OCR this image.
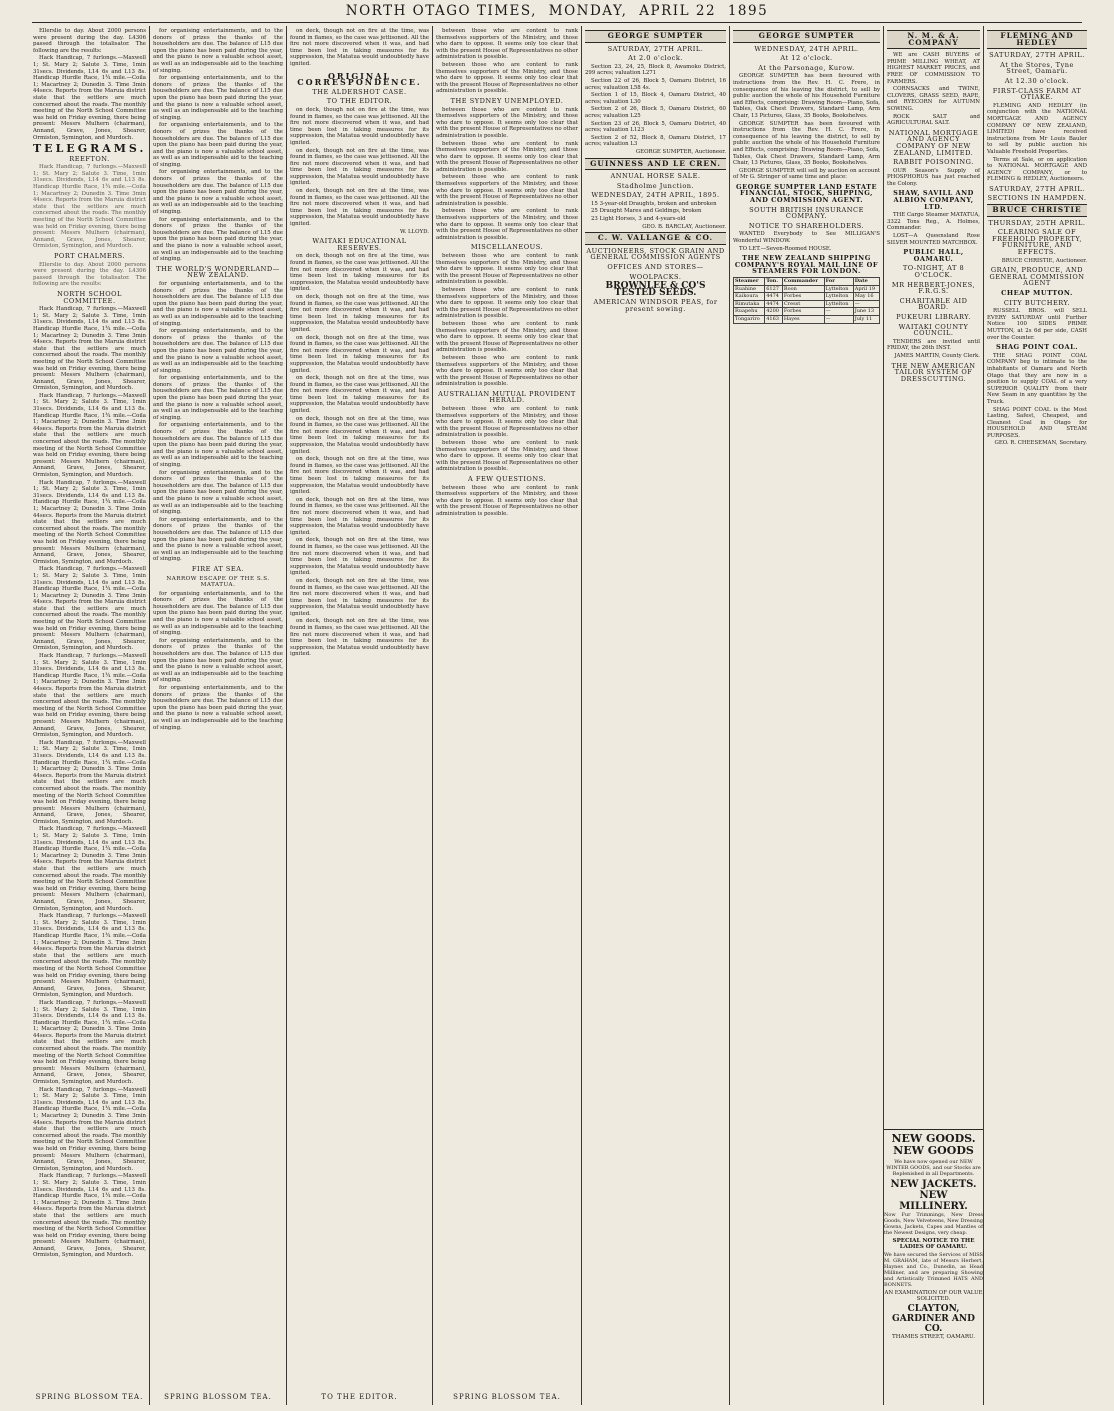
NORTH OTAGO TIMES, MONDAY, APRIL 22 1895

Ellerslie to day. About 2000 persons were present during the day. L4306 passed through the totalisator. The following are the results:

Hack Handicap, 7 furlongs.—Maxwell 1; St. Mary 2; Salute 3. Time, 1min 31secs. Dividends, L14 6s and L13 8s. Handicap Hurdle Race, 1¾ mile.—Coila 1; Macartney 2; Dunedin 3. Time 3min 44secs. Reports from the Maruia district state that the settlers are much concerned about the roads. The monthly meeting of the North School Committee was held on Friday evening, there being present: Messrs Mulhern (chairman), Annand, Grave, Jones, Shearer, Ormiston, Symington, and Murdoch.

TELEGRAMS.
REEFTON.

Hack Handicap, 7 furlongs.—Maxwell 1; St. Mary 2; Salute 3. Time, 1min 31secs. Dividends, L14 6s and L13 8s. Handicap Hurdle Race, 1¾ mile.—Coila 1; Macartney 2; Dunedin 3. Time 3min 44secs. Reports from the Maruia district state that the settlers are much concerned about the roads. The monthly meeting of the North School Committee was held on Friday evening, there being present: Messrs Mulhern (chairman), Annand, Grave, Jones, Shearer, Ormiston, Symington, and Murdoch.

PORT CHALMERS.

Ellerslie to day. About 2000 persons were present during the day. L4306 passed through the totalisator. The following are the results:

NORTH SCHOOL COMMITTEE.

Hack Handicap, 7 furlongs.—Maxwell 1; St. Mary 2; Salute 3. Time, 1min 31secs. Dividends, L14 6s and L13 8s. Handicap Hurdle Race, 1¾ mile.—Coila 1; Macartney 2; Dunedin 3. Time 3min 44secs. Reports from the Maruia district state that the settlers are much concerned about the roads. The monthly meeting of the North School Committee was held on Friday evening, there being present: Messrs Mulhern (chairman), Annand, Grave, Jones, Shearer, Ormiston, Symington, and Murdoch.

Hack Handicap, 7 furlongs.—Maxwell 1; St. Mary 2; Salute 3. Time, 1min 31secs. Dividends, L14 6s and L13 8s. Handicap Hurdle Race, 1¾ mile.—Coila 1; Macartney 2; Dunedin 3. Time 3min 44secs. Reports from the Maruia district state that the settlers are much concerned about the roads. The monthly meeting of the North School Committee was held on Friday evening, there being present: Messrs Mulhern (chairman), Annand, Grave, Jones, Shearer, Ormiston, Symington, and Murdoch.

Hack Handicap, 7 furlongs.—Maxwell 1; St. Mary 2; Salute 3. Time, 1min 31secs. Dividends, L14 6s and L13 8s. Handicap Hurdle Race, 1¾ mile.—Coila 1; Macartney 2; Dunedin 3. Time 3min 44secs. Reports from the Maruia district state that the settlers are much concerned about the roads. The monthly meeting of the North School Committee was held on Friday evening, there being present: Messrs Mulhern (chairman), Annand, Grave, Jones, Shearer, Ormiston, Symington, and Murdoch.

Hack Handicap, 7 furlongs.—Maxwell 1; St. Mary 2; Salute 3. Time, 1min 31secs. Dividends, L14 6s and L13 8s. Handicap Hurdle Race, 1¾ mile.—Coila 1; Macartney 2; Dunedin 3. Time 3min 44secs. Reports from the Maruia district state that the settlers are much concerned about the roads. The monthly meeting of the North School Committee was held on Friday evening, there being present: Messrs Mulhern (chairman), Annand, Grave, Jones, Shearer, Ormiston, Symington, and Murdoch.

Hack Handicap, 7 furlongs.—Maxwell 1; St. Mary 2; Salute 3. Time, 1min 31secs. Dividends, L14 6s and L13 8s. Handicap Hurdle Race, 1¾ mile.—Coila 1; Macartney 2; Dunedin 3. Time 3min 44secs. Reports from the Maruia district state that the settlers are much concerned about the roads. The monthly meeting of the North School Committee was held on Friday evening, there being present: Messrs Mulhern (chairman), Annand, Grave, Jones, Shearer, Ormiston, Symington, and Murdoch.

Hack Handicap, 7 furlongs.—Maxwell 1; St. Mary 2; Salute 3. Time, 1min 31secs. Dividends, L14 6s and L13 8s. Handicap Hurdle Race, 1¾ mile.—Coila 1; Macartney 2; Dunedin 3. Time 3min 44secs. Reports from the Maruia district state that the settlers are much concerned about the roads. The monthly meeting of the North School Committee was held on Friday evening, there being present: Messrs Mulhern (chairman), Annand, Grave, Jones, Shearer, Ormiston, Symington, and Murdoch.

Hack Handicap, 7 furlongs.—Maxwell 1; St. Mary 2; Salute 3. Time, 1min 31secs. Dividends, L14 6s and L13 8s. Handicap Hurdle Race, 1¾ mile.—Coila 1; Macartney 2; Dunedin 3. Time 3min 44secs. Reports from the Maruia district state that the settlers are much concerned about the roads. The monthly meeting of the North School Committee was held on Friday evening, there being present: Messrs Mulhern (chairman), Annand, Grave, Jones, Shearer, Ormiston, Symington, and Murdoch.

Hack Handicap, 7 furlongs.—Maxwell 1; St. Mary 2; Salute 3. Time, 1min 31secs. Dividends, L14 6s and L13 8s. Handicap Hurdle Race, 1¾ mile.—Coila 1; Macartney 2; Dunedin 3. Time 3min 44secs. Reports from the Maruia district state that the settlers are much concerned about the roads. The monthly meeting of the North School Committee was held on Friday evening, there being present: Messrs Mulhern (chairman), Annand, Grave, Jones, Shearer, Ormiston, Symington, and Murdoch.

Hack Handicap, 7 furlongs.—Maxwell 1; St. Mary 2; Salute 3. Time, 1min 31secs. Dividends, L14 6s and L13 8s. Handicap Hurdle Race, 1¾ mile.—Coila 1; Macartney 2; Dunedin 3. Time 3min 44secs. Reports from the Maruia district state that the settlers are much concerned about the roads. The monthly meeting of the North School Committee was held on Friday evening, there being present: Messrs Mulhern (chairman), Annand, Grave, Jones, Shearer, Ormiston, Symington, and Murdoch.

Hack Handicap, 7 furlongs.—Maxwell 1; St. Mary 2; Salute 3. Time, 1min 31secs. Dividends, L14 6s and L13 8s. Handicap Hurdle Race, 1¾ mile.—Coila 1; Macartney 2; Dunedin 3. Time 3min 44secs. Reports from the Maruia district state that the settlers are much concerned about the roads. The monthly meeting of the North School Committee was held on Friday evening, there being present: Messrs Mulhern (chairman), Annand, Grave, Jones, Shearer, Ormiston, Symington, and Murdoch.

Hack Handicap, 7 furlongs.—Maxwell 1; St. Mary 2; Salute 3. Time, 1min 31secs. Dividends, L14 6s and L13 8s. Handicap Hurdle Race, 1¾ mile.—Coila 1; Macartney 2; Dunedin 3. Time 3min 44secs. Reports from the Maruia district state that the settlers are much concerned about the roads. The monthly meeting of the North School Committee was held on Friday evening, there being present: Messrs Mulhern (chairman), Annand, Grave, Jones, Shearer, Ormiston, Symington, and Murdoch.

SPRING BLOSSOM TEA.

for organising entertainments, and to the donors of prizes the thanks of the householders are due. The balance of L15 due upon the piano has been paid during the year, and the piano is now a valuable school asset, as well as an indispensable aid to the teaching of singing.

for organising entertainments, and to the donors of prizes the thanks of the householders are due. The balance of L15 due upon the piano has been paid during the year, and the piano is now a valuable school asset, as well as an indispensable aid to the teaching of singing.

for organising entertainments, and to the donors of prizes the thanks of the householders are due. The balance of L15 due upon the piano has been paid during the year, and the piano is now a valuable school asset, as well as an indispensable aid to the teaching of singing.

for organising entertainments, and to the donors of prizes the thanks of the householders are due. The balance of L15 due upon the piano has been paid during the year, and the piano is now a valuable school asset, as well as an indispensable aid to the teaching of singing.

for organising entertainments, and to the donors of prizes the thanks of the householders are due. The balance of L15 due upon the piano has been paid during the year, and the piano is now a valuable school asset, as well as an indispensable aid to the teaching of singing.

THE WORLD'S WONDERLAND—NEW ZEALAND.

for organising entertainments, and to the donors of prizes the thanks of the householders are due. The balance of L15 due upon the piano has been paid during the year, and the piano is now a valuable school asset, as well as an indispensable aid to the teaching of singing.

for organising entertainments, and to the donors of prizes the thanks of the householders are due. The balance of L15 due upon the piano has been paid during the year, and the piano is now a valuable school asset, as well as an indispensable aid to the teaching of singing.

for organising entertainments, and to the donors of prizes the thanks of the householders are due. The balance of L15 due upon the piano has been paid during the year, and the piano is now a valuable school asset, as well as an indispensable aid to the teaching of singing.

for organising entertainments, and to the donors of prizes the thanks of the householders are due. The balance of L15 due upon the piano has been paid during the year, and the piano is now a valuable school asset, as well as an indispensable aid to the teaching of singing.

for organising entertainments, and to the donors of prizes the thanks of the householders are due. The balance of L15 due upon the piano has been paid during the year, and the piano is now a valuable school asset, as well as an indispensable aid to the teaching of singing.

for organising entertainments, and to the donors of prizes the thanks of the householders are due. The balance of L15 due upon the piano has been paid during the year, and the piano is now a valuable school asset, as well as an indispensable aid to the teaching of singing.

FIRE AT SEA.
NARROW ESCAPE OF THE S.S. MATATUA.

for organising entertainments, and to the donors of prizes the thanks of the householders are due. The balance of L15 due upon the piano has been paid during the year, and the piano is now a valuable school asset, as well as an indispensable aid to the teaching of singing.

for organising entertainments, and to the donors of prizes the thanks of the householders are due. The balance of L15 due upon the piano has been paid during the year, and the piano is now a valuable school asset, as well as an indispensable aid to the teaching of singing.

for organising entertainments, and to the donors of prizes the thanks of the householders are due. The balance of L15 due upon the piano has been paid during the year, and the piano is now a valuable school asset, as well as an indispensable aid to the teaching of singing.

SPRING BLOSSOM TEA.

on deck, though not on fire at the time, was found in flames, so the case was jettisoned. All the fire not more discovered when it was, and had time been lost in taking measures for its suppression, the Matatua would undoubtedly have ignited.

ORIGINAL CORRESPONDENCE.
THE ALDERSHOT CASE.
TO THE EDITOR.

on deck, though not on fire at the time, was found in flames, so the case was jettisoned. All the fire not more discovered when it was, and had time been lost in taking measures for its suppression, the Matatua would undoubtedly have ignited.

on deck, though not on fire at the time, was found in flames, so the case was jettisoned. All the fire not more discovered when it was, and had time been lost in taking measures for its suppression, the Matatua would undoubtedly have ignited.

on deck, though not on fire at the time, was found in flames, so the case was jettisoned. All the fire not more discovered when it was, and had time been lost in taking measures for its suppression, the Matatua would undoubtedly have ignited.

W. LLOYD.
WAITAKI EDUCATIONAL RESERVES.

on deck, though not on fire at the time, was found in flames, so the case was jettisoned. All the fire not more discovered when it was, and had time been lost in taking measures for its suppression, the Matatua would undoubtedly have ignited.

on deck, though not on fire at the time, was found in flames, so the case was jettisoned. All the fire not more discovered when it was, and had time been lost in taking measures for its suppression, the Matatua would undoubtedly have ignited.

on deck, though not on fire at the time, was found in flames, so the case was jettisoned. All the fire not more discovered when it was, and had time been lost in taking measures for its suppression, the Matatua would undoubtedly have ignited.

on deck, though not on fire at the time, was found in flames, so the case was jettisoned. All the fire not more discovered when it was, and had time been lost in taking measures for its suppression, the Matatua would undoubtedly have ignited.

on deck, though not on fire at the time, was found in flames, so the case was jettisoned. All the fire not more discovered when it was, and had time been lost in taking measures for its suppression, the Matatua would undoubtedly have ignited.

on deck, though not on fire at the time, was found in flames, so the case was jettisoned. All the fire not more discovered when it was, and had time been lost in taking measures for its suppression, the Matatua would undoubtedly have ignited.

on deck, though not on fire at the time, was found in flames, so the case was jettisoned. All the fire not more discovered when it was, and had time been lost in taking measures for its suppression, the Matatua would undoubtedly have ignited.

on deck, though not on fire at the time, was found in flames, so the case was jettisoned. All the fire not more discovered when it was, and had time been lost in taking measures for its suppression, the Matatua would undoubtedly have ignited.

on deck, though not on fire at the time, was found in flames, so the case was jettisoned. All the fire not more discovered when it was, and had time been lost in taking measures for its suppression, the Matatua would undoubtedly have ignited.

on deck, though not on fire at the time, was found in flames, so the case was jettisoned. All the fire not more discovered when it was, and had time been lost in taking measures for its suppression, the Matatua would undoubtedly have ignited.

TO THE EDITOR.

between those who are content to rank themselves supporters of the Ministry, and those who dare to oppose. It seems only too clear that with the present House of Representatives no other administration is possible.

between those who are content to rank themselves supporters of the Ministry, and those who dare to oppose. It seems only too clear that with the present House of Representatives no other administration is possible.

THE SYDNEY UNEMPLOYED.

between those who are content to rank themselves supporters of the Ministry, and those who dare to oppose. It seems only too clear that with the present House of Representatives no other administration is possible.

between those who are content to rank themselves supporters of the Ministry, and those who dare to oppose. It seems only too clear that with the present House of Representatives no other administration is possible.

between those who are content to rank themselves supporters of the Ministry, and those who dare to oppose. It seems only too clear that with the present House of Representatives no other administration is possible.

between those who are content to rank themselves supporters of the Ministry, and those who dare to oppose. It seems only too clear that with the present House of Representatives no other administration is possible.

MISCELLANEOUS.

between those who are content to rank themselves supporters of the Ministry, and those who dare to oppose. It seems only too clear that with the present House of Representatives no other administration is possible.

between those who are content to rank themselves supporters of the Ministry, and those who dare to oppose. It seems only too clear that with the present House of Representatives no other administration is possible.

between those who are content to rank themselves supporters of the Ministry, and those who dare to oppose. It seems only too clear that with the present House of Representatives no other administration is possible.

between those who are content to rank themselves supporters of the Ministry, and those who dare to oppose. It seems only too clear that with the present House of Representatives no other administration is possible.

AUSTRALIAN MUTUAL PROVIDENT HERALD.

between those who are content to rank themselves supporters of the Ministry, and those who dare to oppose. It seems only too clear that with the present House of Representatives no other administration is possible.

between those who are content to rank themselves supporters of the Ministry, and those who dare to oppose. It seems only too clear that with the present House of Representatives no other administration is possible.

A FEW QUESTIONS.

between those who are content to rank themselves supporters of the Ministry, and those who dare to oppose. It seems only too clear that with the present House of Representatives no other administration is possible.

SPRING BLOSSOM TEA.
GEORGE SUMPTER
SATURDAY, 27TH APRIL.
At 2.0 o'clock.

Section 23, 24, 25, Block 8, Awamoko District, 299 acres; valuation L271

Section 22 of 26, Block 5, Oamaru District, 16 acres; valuation L58 4s.

Section 1 of 15, Block 4, Oamaru District, 40 acres; valuation L30

Section 2 of 26, Block 5, Oamaru District, 60 acres; valuation L25

Section 23 of 26, Block 5, Oamaru District, 40 acres; valuation L123

Section 2 of 52, Block 8, Oamaru District, 17 acres; valuation L3

GEORGE SUMPTER, Auctioneer.
GUINNESS AND LE CREN.
ANNUAL HORSE SALE.
Stadholme Junction.
WEDNESDAY, 24TH APRIL, 1895.

15 3-year-old Draughts, broken and unbroken

25 Draught Mares and Geldings, broken

23 Light Horses, 3 and 4-years-old

GEO. B. BARCLAY, Auctioneer.
C. W. VALLANGE & CO.
AUCTIONEERS, STOCK GRAIN AND GENERAL COMMISSION AGENTS
OFFICES AND STORES—
WOOLPACKS.
BROWNLEE & CO'S TESTED SEEDS.
AMERICAN WINDSOR PEAS, for present sowing.
GEORGE SUMPTER
WEDNESDAY, 24TH APRIL.
At 12 o'clock.
At the Parsonage, Kurow.

GEORGE SUMPTER has been favoured with instructions from the Rev. H. C. Frere, in consequence of his leaving the district, to sell by public auction the whole of his Household Furniture and Effects, comprising: Drawing Room—Piano, Sofa, Tables, Oak Chest Drawers, Standard Lamp, Arm Chair, 13 Pictures, Glass, 35 Books, Bookshelves.

GEORGE SUMPTER has been favoured with instructions from the Rev. H. C. Frere, in consequence of his leaving the district, to sell by public auction the whole of his Household Furniture and Effects, comprising: Drawing Room—Piano, Sofa, Tables, Oak Chest Drawers, Standard Lamp, Arm Chair, 13 Pictures, Glass, 35 Books, Bookshelves.

GEORGE SUMPTER will sell by auction on account of Mr G. Stringer of same time and place:

GEORGE SUMPTER LAND ESTATE FINANCIAL, STOCK, SHIPPING, AND COMMISSION AGENT.
SOUTH BRITISH INSURANCE COMPANY.
NOTICE TO SHAREHOLDERS.

WANTED Everybody to See MILLIGAN'S Wonderful WINDOW.

TO LET.—Seven-Roomed HOUSE.

THE NEW ZEALAND SHIPPING COMPANY'S ROYAL MAIL LINE OF STEAMERS FOR LONDON.
Steamer	Ton.	Commander	For	Date
Ruahine	6127	Boon	Lyttelton	April 19
Kaikoura	4474	Forbes	Lyttelton	May 16
Rimutaka	4474	Cresst	Lyttelton	—
Ruapehu	4200	Forbes	—	June 13
Tongariro	4163	Hayes	—	July 11
N. M. & A. COMPANY

WE are CASH BUYERS of PRIME MILLING WHEAT, AT HIGHEST MARKET PRICES, and FREE OF COMMISSION TO FARMERS.

CORNSACKS and TWINE, CLOVERS, GRASS SEED, RAPE, and RYECORN for AUTUMN SOWING.

ROCK SALT and AGRICULTURAL SALT.

NATIONAL MORTGAGE AND AGENCY COMPANY OF NEW ZEALAND, LIMITED.
RABBIT POISONING.

OUR Season's Supply of PHOSPHORUS has just reached the Colony.

SHAW, SAVILL AND ALBION COMPANY, LTD.

THE Cargo Steamer MATATUA, 3322 Tons Reg., A. Holmes, Commander.

LOST—A Queensland Rose SILVER MOUNTED MATCHBOX.

PUBLIC HALL, OAMARU.
TO-NIGHT, AT 8 O'CLOCK.
MR HERBERT-JONES, F.R.G.S.
CHARITABLE AID BOARD.
PUKEURI LIBRARY.
WAITAKI COUNTY COUNCIL.

TENDERS are invited until FRIDAY, the 26th INST.

JAMES MARTIN, County Clerk.
THE NEW AMERICAN TAILOR SYSTEM OF DRESSCUTTING.
FLEMING AND HEDLEY
SATURDAY, 27TH APRIL.
At the Stores, Tyne Street, Oamaru.
At 12.30 o'clock.
FIRST-CLASS FARM AT OTIAKE.

FLEMING AND HEDLEY (in conjunction with the NATIONAL MORTGAGE AND AGENCY COMPANY OF NEW ZEALAND, LIMITED) have received instructions from Mr Louis Bauler to sell by public auction his Valuable Freehold Properties.

Terms at Sale, or on application to NATIONAL MORTGAGE AND AGENCY COMPANY, or to FLEMING & HEDLEY, Auctioneers.

SATURDAY, 27TH APRIL.
SECTIONS IN HAMPDEN.
BRUCE CHRISTIE
THURSDAY, 25TH APRIL.
CLEARING SALE OF FREEHOLD PROPERTY, FURNITURE, AND EFFECTS.
BRUCE CHRISTIE, Auctioneer.
GRAIN, PRODUCE, AND GENERAL COMMISSION AGENT
CHEAP MUTTON.
CITY BUTCHERY.

RUSSELL BROS. will SELL EVERY SATURDAY until Further Notice 100 SIDES PRIME MUTTON, at 2s 6d per side, CASH over the Counter.

SHAG POINT COAL.

THE SHAG POINT COAL COMPANY beg to intimate to the inhabitants of Oamaru and North Otago that they are now in a position to supply COAL of a very SUPERIOR QUALITY from their New Seam in any quantities by the Truck.

SHAG POINT COAL is the Most Lasting, Safest, Cheapest, and Cleanest Coal in Otago for HOUSEHOLD AND STEAM PURPOSES.

GEO. R. CHEESEMAN, Secretary.
NEW GOODS. NEW GOODS
We have now opened our NEW WINTER GOODS, and our Stocks are Replenished in all Departments.
NEW JACKETS.
NEW MILLINERY.
Now Fur Trimmings, New Dress Goods, New Velveteens, New Dressing Gowns, Jackets, Capes and Mantles of the Newest Designs, very cheap.
SPECIAL NOTICE TO THE LADIES OF OAMARU.
We have secured the Services of MISS M. GRAHAM, late of Messrs Herbert, Haynes and Co., Dunedin, as Head Milliner, and are preparing Showing and Artistically Trimmed HATS AND BONNETS.
AN EXAMINATION OF OUR VALUE SOLICITED.
CLAYTON, GARDINER AND CO.
THAMES STREET, OAMARU.
